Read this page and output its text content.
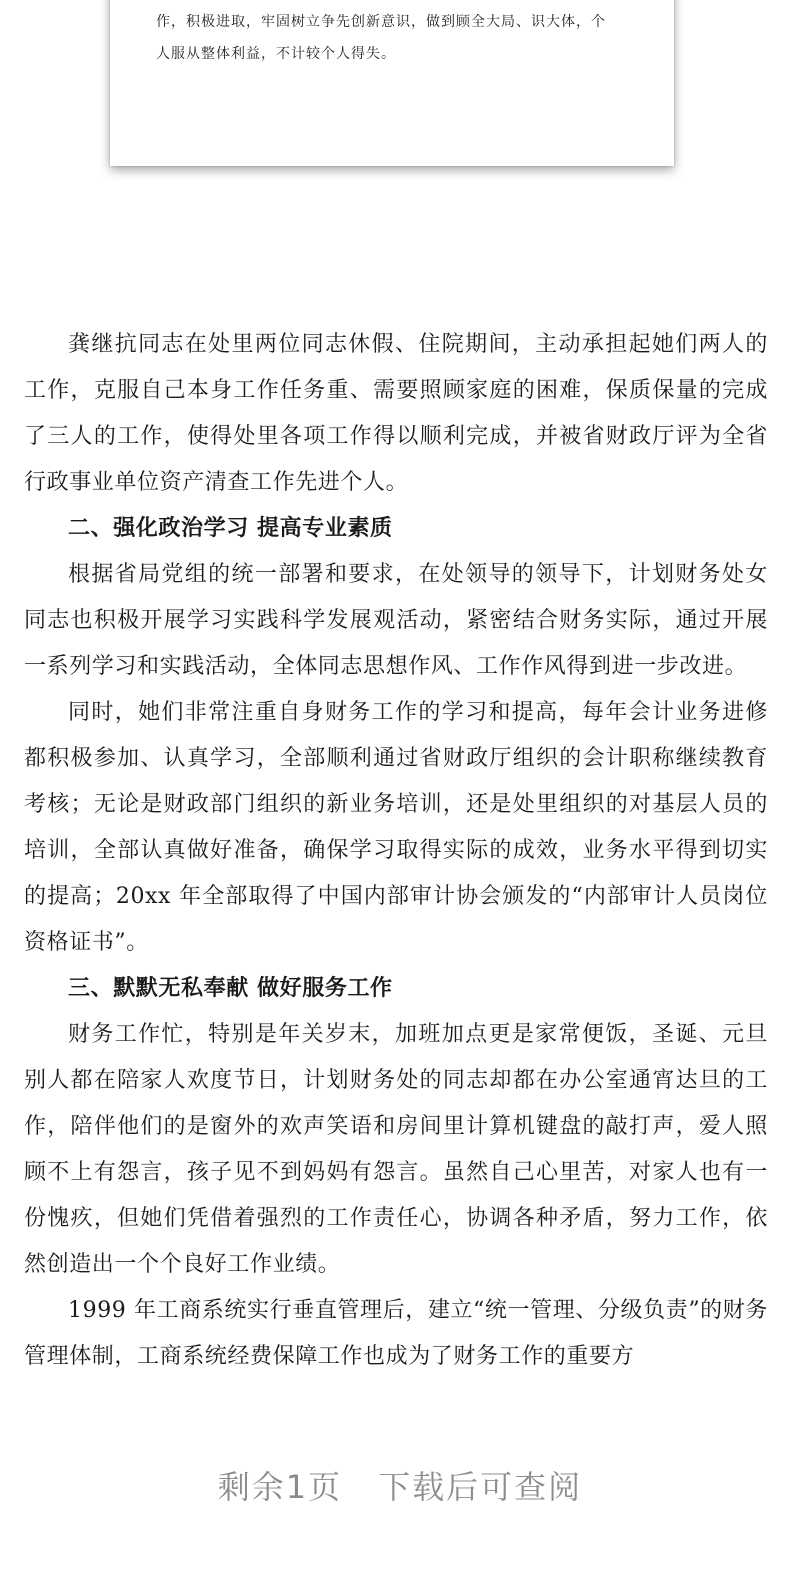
作，积极进取，牢固树立争先创新意识，做到顾全大局、识大体，个
人服从整体利益，不计较个人得失。

龚继抗同志在处里两位同志休假、住院期间，主动承担起她们两人的工作，克服自己本身工作任务重、需要照顾家庭的困难，保质保量的完成了三人的工作，使得处里各项工作得以顺利完成，并被省财政厅评为全省行政事业单位资产清查工作先进个人。

二、强化政治学习 提高专业素质

根据省局党组的统一部署和要求，在处领导的领导下，计划财务处女同志也积极开展学习实践科学发展观活动，紧密结合财务实际，通过开展一系列学习和实践活动，全体同志思想作风、工作作风得到进一步改进。

同时，她们非常注重自身财务工作的学习和提高，每年会计业务进修都积极参加、认真学习，全部顺利通过省财政厅组织的会计职称继续教育考核；无论是财政部门组织的新业务培训，还是处里组织的对基层人员的培训，全部认真做好准备，确保学习取得实际的成效，业务水平得到切实的提高；20xx 年全部取得了中国内部审计协会颁发的“内部审计人员岗位资格证书”。

三、默默无私奉献 做好服务工作

财务工作忙，特别是年关岁末，加班加点更是家常便饭，圣诞、元旦别人都在陪家人欢度节日，计划财务处的同志却都在办公室通宵达旦的工作，陪伴他们的是窗外的欢声笑语和房间里计算机键盘的敲打声，爱人照顾不上有怨言，孩子见不到妈妈有怨言。虽然自己心里苦，对家人也有一份愧疚，但她们凭借着强烈的工作责任心，协调各种矛盾，努力工作，依然创造出一个个良好工作业绩。

1999 年工商系统实行垂直管理后，建立“统一管理、分级负责”的财务管理体制，工商系统经费保障工作也成为了财务工作的重要方

剩余1页 下载后可查阅
